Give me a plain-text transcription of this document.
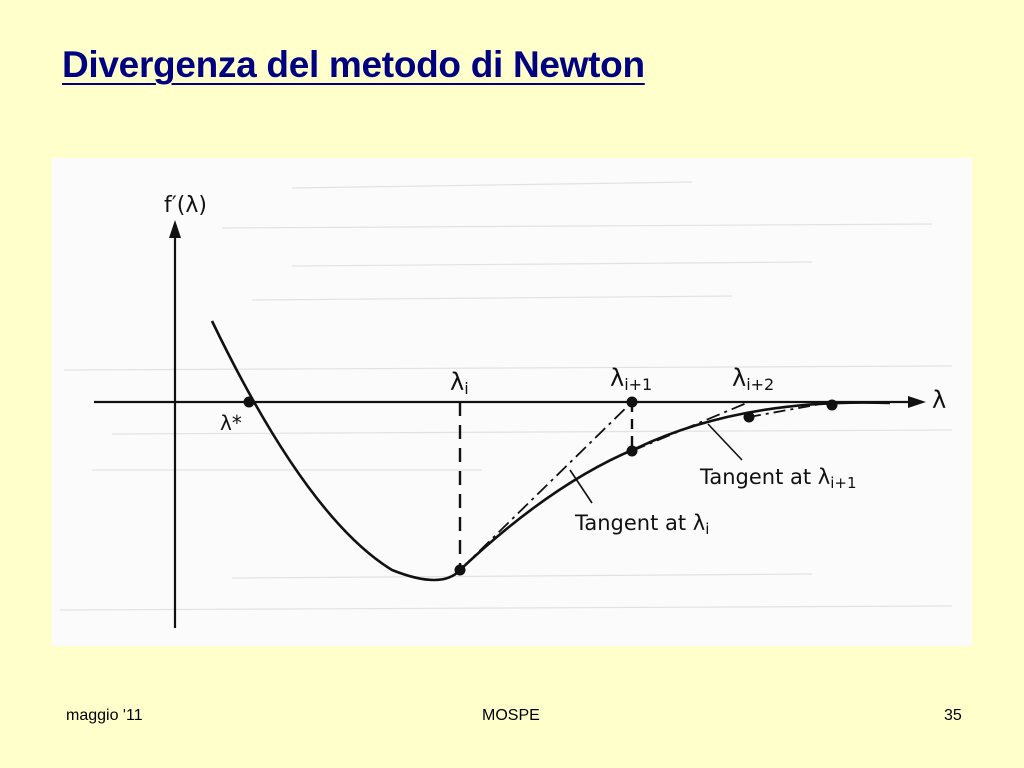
Divergenza del metodo di Newton
f′(λ)
λ
λ*
λi	λi+1	λi+2
Tangent at λi
Tangent at λi+1
maggio '11	MOSPE	35
